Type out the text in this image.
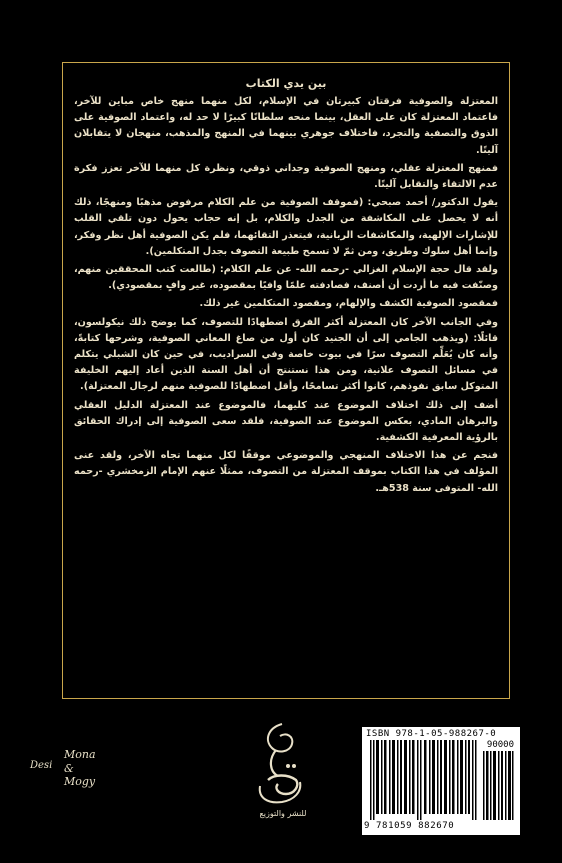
بين يدي الكتاب

المعتزلة والصوفية فرقتان كبيرتان في الإسلام، لكل منهما منهج خاص مباين للآخر، فاعتماد المعتزلة كان على العقل، بينما منحه سلطانًا كبيرًا لا حد له، واعتماد الصوفية على الذوق والتصفية والتجرد، فاختلاف جوهري بينهما في المنهج والمذهب، منهجان لا يتقابلان آليتًا.

فمنهج المعتزلة عقلي، ومنهج الصوفية وجداني ذوقي، ونظرة كل منهما للآخر تعزز فكرة عدم الالتقاء والتقابل آليتًا.

يقول الدكتور/ أحمد صبحي: (فموقف الصوفية من علم الكلام مرفوض مذهبًا ومنهجًا، ذلك أنه لا يحصل على المكاشفة من الجدل والكلام، بل إنه حجاب يحول دون تلقي القلب للإشارات الإلهية، والمكاشفات الربانية، فيتعذر التقائهما، فلم يكن الصوفية أهل نظر وفكر، وإنما أهل سلوك وطريق، ومن ثمّ لا تسمح طبيعة التصوف بجدل المتكلمين).

ولقد قال حجة الإسلام الغزالي -رحمه الله- عن علم الكلام: (طالعت كتب المحققين منهم، وصنّفت فيه ما أردت أن أصنف، فصادفته علمًا وافيًا بمقصوده، غير وافٍ بمقصودي).

فمقصود الصوفية الكشف والإلهام، ومقصود المتكلمين غير ذلك.

وفي الجانب الآخر كان المعتزلة أكثر الفرق اضطهادًا للتصوف، كما يوضح ذلك نيكولسون، قائلًا: (ويذهب الجامي إلى أن الجنيد كان أول من صاغ المعاني الصوفية، وشرحها كتابةً، وأنه كان يُعَلِّم التصوف سرًا في بيوت خاصة وفي السراديب، في حين كان الشبلي يتكلم في مسائل التصوف علانية، ومن هذا نستنتج أن أهل السنة الذين أعاد إليهم الخليفة المتوكل سابق نفوذهم، كانوا أكثر تسامحًا، وأقل اضطهادًا للصوفية منهم لرجال المعتزلة).

أضف إلى ذلك اختلاف الموضوع عند كليهما، فالموضوع عند المعتزلة الدليل العقلي والبرهان المادي، بعكس الموضوع عند الصوفية، فلقد سعى الصوفية إلى إدراك الحقائق بالرؤية المعرفية الكشفية.

فنجم عن هذا الاختلاف المنهجي والموضوعي موقفًا لكل منهما تجاه الآخر، ولقد عنى المؤلف في هذا الكتاب بموقف المعتزلة من التصوف، ممثلًا عنهم الإمام الزمخشري -رحمه الله- المتوفى سنة 538هـ.

Desi
Mona
& Mogy
للنشر والتوزيع
ISBN 978-1-05-988267-0
90000
9 781059 882670
